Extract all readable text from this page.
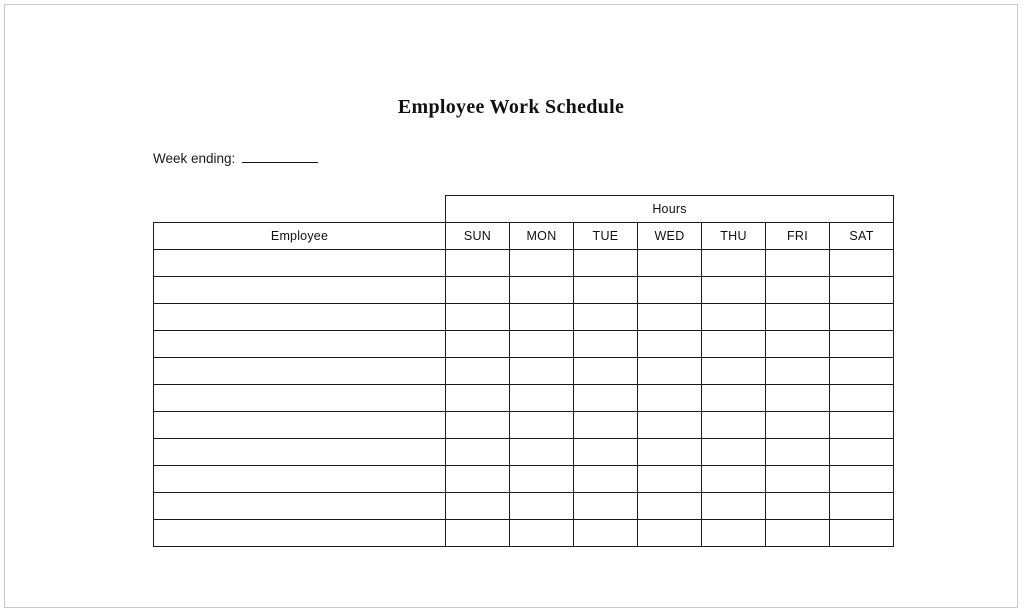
Employee Work Schedule
Week ending:
	Hours						
Employee	SUN	MON	TUE	WED	THU	FRI	SAT
